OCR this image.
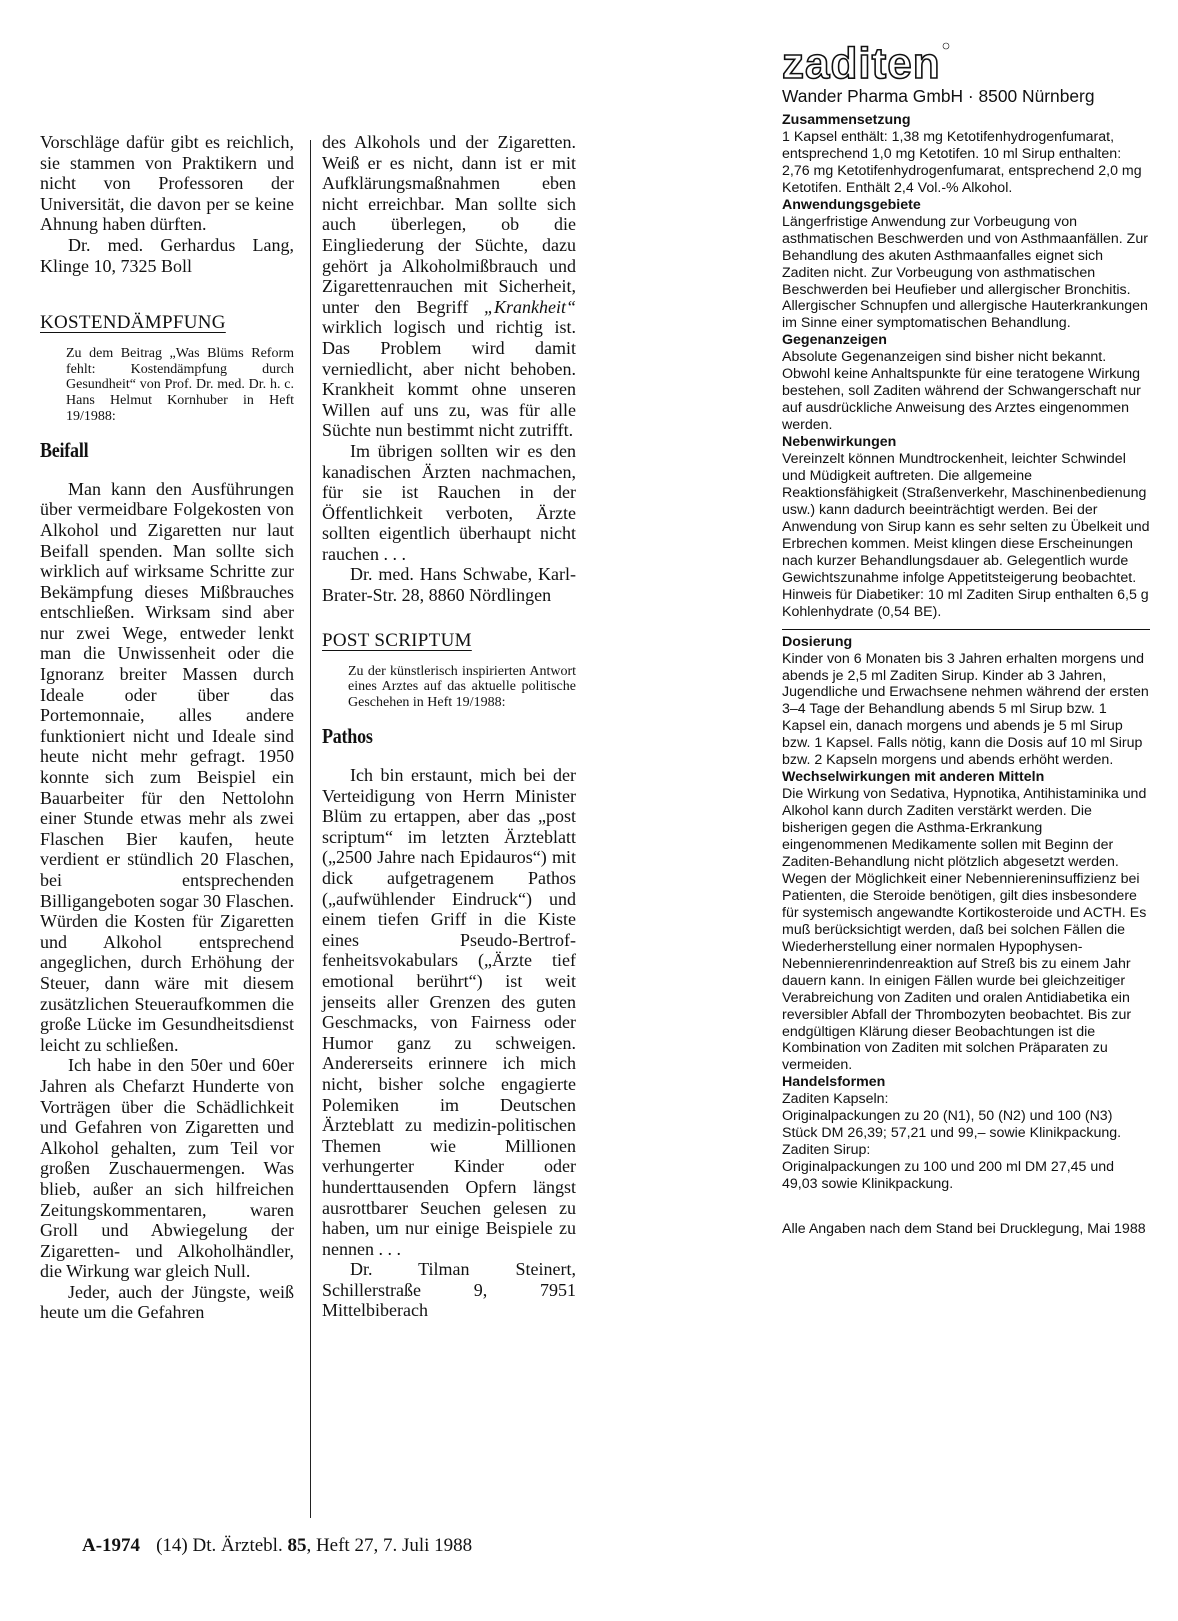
Vorschläge dafür gibt es reichlich, sie stammen von Praktikern und nicht von Professoren der Universität, die davon per se keine Ahnung haben dürften.

Dr. med. Gerhardus Lang, Klinge 10, 7325 Boll

KOSTENDÄMPFUNG

Zu dem Beitrag „Was Blüms Reform fehlt: Kostendämpfung durch Gesundheit“ von Prof. Dr. med. Dr. h. c. Hans Helmut Kornhuber in Heft 19/1988:

Beifall

Man kann den Ausführungen über vermeidbare Folgekosten von Alkohol und Zigaretten nur laut Beifall spenden. Man sollte sich wirklich auf wirksame Schritte zur Bekämpfung dieses Mißbrauches entschließen. Wirksam sind aber nur zwei Wege, entweder lenkt man die Unwissenheit oder die Ignoranz breiter Massen durch Ideale oder über das Portemonnaie, alles andere funktioniert nicht und Ideale sind heute nicht mehr gefragt. 1950 konnte sich zum Beispiel ein Bauarbeiter für den Nettolohn einer Stunde etwas mehr als zwei Flaschen Bier kaufen, heute verdient er stündlich 20 Flaschen, bei entsprechenden Billigangeboten sogar 30 Flaschen. Würden die Kosten für Zigaretten und Alkohol entsprechend angeglichen, durch Erhöhung der Steuer, dann wäre mit diesem zusätzlichen Steueraufkommen die große Lücke im Gesundheitsdienst leicht zu schließen.

Ich habe in den 50er und 60er Jahren als Chefarzt Hunderte von Vorträgen über die Schädlichkeit und Gefahren von Zigaretten und Alkohol gehalten, zum Teil vor großen Zuschauermengen. Was blieb, außer an sich hilfreichen Zeitungskommentaren, waren Groll und Abwiegelung der Zigaretten- und Alkoholhändler, die Wirkung war gleich Null.

Jeder, auch der Jüngste, weiß heute um die Gefahren

des Alkohols und der Zigaretten. Weiß er es nicht, dann ist er mit Aufklärungsmaßnahmen eben nicht erreichbar. Man sollte sich auch überlegen, ob die Eingliederung der Süchte, dazu gehört ja Alkoholmißbrauch und Zigarettenrauchen mit Sicherheit, unter den Begriff „Krankheit“ wirklich logisch und richtig ist. Das Problem wird damit verniedlicht, aber nicht behoben. Krankheit kommt ohne unseren Willen auf uns zu, was für alle Süchte nun bestimmt nicht zutrifft.

Im übrigen sollten wir es den kanadischen Ärzten nachmachen, für sie ist Rauchen in der Öffentlichkeit verboten, Ärzte sollten eigentlich überhaupt nicht rauchen . . .

Dr. med. Hans Schwabe, Karl-Brater-Str. 28, 8860 Nördlingen

POST SCRIPTUM

Zu der künstlerisch inspirierten Antwort eines Arztes auf das aktuelle politische Geschehen in Heft 19/1988:

Pathos

Ich bin erstaunt, mich bei der Verteidigung von Herrn Minister Blüm zu ertappen, aber das „post scriptum“ im letzten Ärzteblatt („2500 Jahre nach Epidauros“) mit dick aufgetragenem Pathos („aufwühlender Eindruck“) und einem tiefen Griff in die Kiste eines Pseudo-Bertrof-fenheitsvokabulars („Ärzte tief emotional berührt“) ist weit jenseits aller Grenzen des guten Geschmacks, von Fairness oder Humor ganz zu schweigen. Andererseits erinnere ich mich nicht, bisher solche engagierte Polemiken im Deutschen Ärzteblatt zu medizin-politischen Themen wie Millionen verhungerter Kinder oder hunderttausenden Opfern längst ausrottbarer Seuchen gelesen zu haben, um nur einige Beispiele zu nennen . . .

Dr. Tilman Steinert, Schillerstraße 9, 7951 Mittelbiberach

zaditen
Wander Pharma GmbH · 8500 Nürnberg

Zusammensetzung

1 Kapsel enthält: 1,38 mg Ketotifenhydrogenfumarat, entsprechend 1,0 mg Ketotifen. 10 ml Sirup enthalten: 2,76 mg Ketotifenhydrogenfumarat, entsprechend 2,0 mg Ketotifen. Enthält 2,4 Vol.-% Alkohol.

Anwendungsgebiete

Längerfristige Anwendung zur Vorbeugung von asthmatischen Beschwerden und von Asthmaanfällen. Zur Behandlung des akuten Asthmaanfalles eignet sich Zaditen nicht. Zur Vorbeugung von asthmatischen Beschwerden bei Heufieber und allergischer Bronchitis. Allergischer Schnupfen und allergische Hauterkrankungen im Sinne einer symptomatischen Behandlung.

Gegenanzeigen

Absolute Gegenanzeigen sind bisher nicht bekannt. Obwohl keine Anhaltspunkte für eine teratogene Wirkung bestehen, soll Zaditen während der Schwangerschaft nur auf ausdrückliche Anweisung des Arztes eingenommen werden.

Nebenwirkungen

Vereinzelt können Mundtrockenheit, leichter Schwindel und Müdigkeit auftreten. Die allgemeine Reaktionsfähigkeit (Straßenverkehr, Maschinenbedienung usw.) kann dadurch beeinträchtigt werden. Bei der Anwendung von Sirup kann es sehr selten zu Übelkeit und Erbrechen kommen. Meist klingen diese Erscheinungen nach kurzer Behandlungsdauer ab. Gelegentlich wurde Gewichtszunahme infolge Appetitsteigerung beobachtet.

Hinweis für Diabetiker: 10 ml Zaditen Sirup enthalten 6,5 g Kohlenhydrate (0,54 BE).

Dosierung

Kinder von 6 Monaten bis 3 Jahren erhalten morgens und abends je 2,5 ml Zaditen Sirup. Kinder ab 3 Jahren, Jugendliche und Erwachsene nehmen während der ersten 3–4 Tage der Behandlung abends 5 ml Sirup bzw. 1 Kapsel ein, danach morgens und abends je 5 ml Sirup bzw. 1 Kapsel. Falls nötig, kann die Dosis auf 10 ml Sirup bzw. 2 Kapseln morgens und abends erhöht werden.

Wechselwirkungen mit anderen Mitteln

Die Wirkung von Sedativa, Hypnotika, Antihistaminika und Alkohol kann durch Zaditen verstärkt werden. Die bisherigen gegen die Asthma-Erkrankung eingenommenen Medikamente sollen mit Beginn der Zaditen-Behandlung nicht plötzlich abgesetzt werden. Wegen der Möglichkeit einer Nebenniereninsuffizienz bei Patienten, die Steroide benötigen, gilt dies insbesondere für systemisch angewandte Kortikosteroide und ACTH. Es muß berücksichtigt werden, daß bei solchen Fällen die Wiederherstellung einer normalen Hypophysen-Nebennierenrindenreaktion auf Streß bis zu einem Jahr dauern kann. In einigen Fällen wurde bei gleichzeitiger Verabreichung von Zaditen und oralen Antidiabetika ein reversibler Abfall der Thrombozyten beobachtet. Bis zur endgültigen Klärung dieser Beobachtungen ist die Kombination von Zaditen mit solchen Präparaten zu vermeiden.

Handelsformen

Zaditen Kapseln:

Originalpackungen zu 20 (N1), 50 (N2) und 100 (N3) Stück DM 26,39; 57,21 und 99,– sowie Klinikpackung.

Zaditen Sirup:

Originalpackungen zu 100 und 200 ml DM 27,45 und 49,03 sowie Klinikpackung.

Alle Angaben nach dem Stand bei Drucklegung, Mai 1988

A-1974 (14) Dt. Ärztebl. 85, Heft 27, 7. Juli 1988
